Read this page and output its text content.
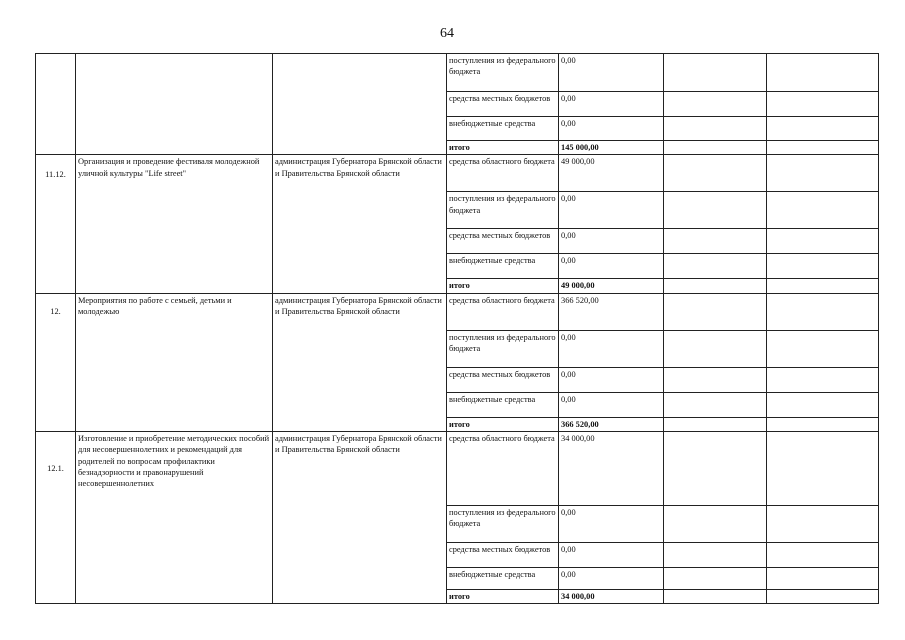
64
			поступления из федерального бюджета	0,00		
			средства местных бюджетов	0,00		
			внебюджетные средства	0,00		

			итого	145 000,00		
11.12.	Организация и проведение фестиваля молодежной уличной культуры "Life street"	администрация Губернатора Брянской области и Правительства Брянской области	средства областного бюджета	49 000,00		
			поступления из федерального бюджета	0,00		
			средства местных бюджетов	0,00		
			внебюджетные средства	0,00		
			итого	49 000,00		
12.	Мероприятия по работе с семьей, детьми и молодежью	администрация Губернатора Брянской области и Правительства Брянской области	средства областного бюджета	366 520,00		
			поступления из федерального бюджета	0,00		
			средства местных бюджетов	0,00		
			внебюджетные средства	0,00		
			итого	366 520,00		
12.1.	Изготовление и приобретение методических пособий для несовершеннолетних и рекомендаций для родителей по вопросам профилактики безнадзорности и правонарушений несовершеннолетних	администрация Губернатора Брянской области и Правительства Брянской области	средства областного бюджета	34 000,00		
			поступления из федерального бюджета	0,00		
			средства местных бюджетов	0,00		
			внебюджетные средства	0,00		
			итого	34 000,00		
